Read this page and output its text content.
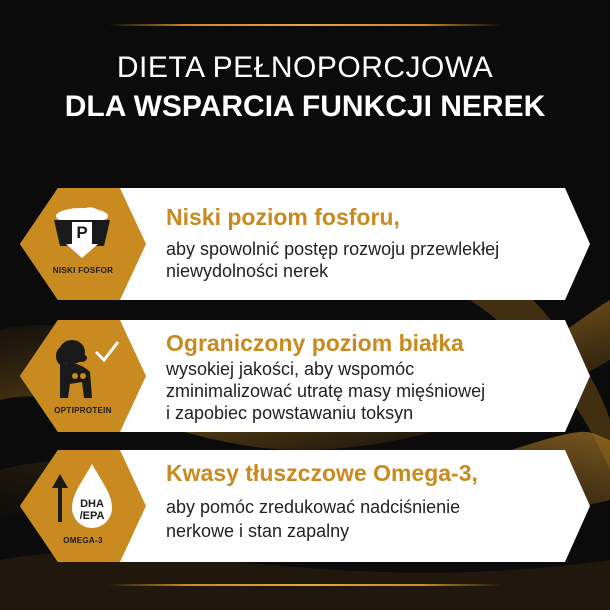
DIETA PEŁNOPORCJOWA
DLA WSPARCIA FUNKCJI NEREK
P
NISKI FOSFOR
Niski poziom fosforu,
aby spowolnić postęp rozwoju przewlekłej
niewydolności nerek
OPTIPROTEIN
Ograniczony poziom białka
wysokiej jakości, aby wspomóc
zminimalizować utratę masy mięśniowej
i zapobiec powstawaniu toksyn
DHA
/EPA
OMEGA-3
Kwasy tłuszczowe Omega-3,
aby pomóc zredukować nadciśnienie
nerkowe i stan zapalny
